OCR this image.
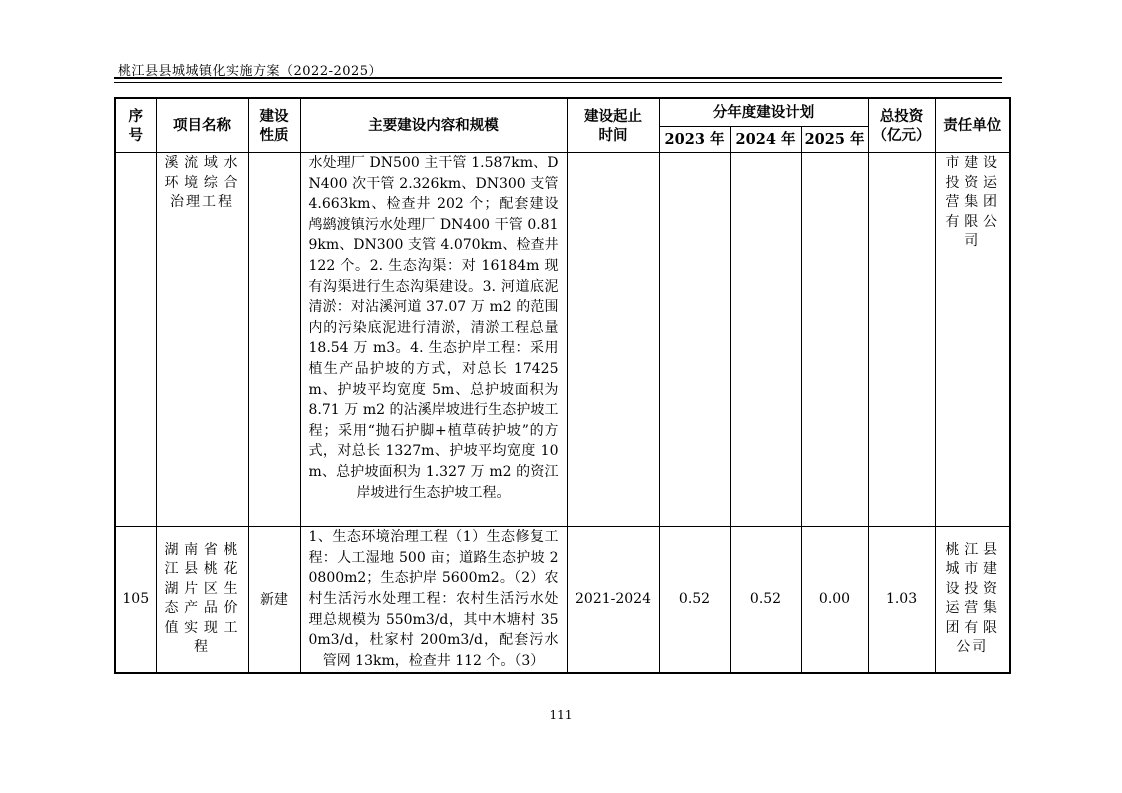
桃江县县城城镇化实施方案（2022-2025）
序号	项目名称	建设性质	主要建设内容和规模	建设起止时间	分年度建设计划			总投资（亿元）	责任单位
					2023 年	2024 年	2025 年		
	溪流域水环境综合治理工程		水处理厂 DN500 主干管 1.587km、DN400 次干管 2.326km、DN300 支管 4.663km、检查井 202 个；配套建设鸬鹚渡镇污水处理厂 DN400 干管 0.819km、DN300 支管 4.070km、检查井 122 个。2. 生态沟渠：对 16184m 现有沟渠进行生态沟渠建设。3. 河道底泥清淤：对沾溪河道 37.07 万 m2 的范围内的污染底泥进行清淤，清淤工程总量 18.54 万 m3。4. 生态护岸工程：采用植生产品护坡的方式，对总长 17425m、护坡平均宽度 5m、总护坡面积为 8.71 万 m2 的沾溪岸坡进行生态护坡工程；采用“抛石护脚+植草砖护坡”的方式，对总长 1327m、护坡平均宽度 10m、总护坡面积为 1.327 万 m2 的资江岸坡进行生态护坡工程。						市建设投资运营集团有限公司
105	湖南省桃江县桃花湖片区生态产品价值实现工程	新建	1、生态环境治理工程（1）生态修复工程：人工湿地 500 亩；道路生态护坡 20800m2；生态护岸 5600m2。（2）农村生活污水处理工程：农村生活污水处理总规模为 550m3/d，其中木塘村 350m3/d，杜家村 200m3/d，配套污水管网 13km，检查井 112 个。（3）	2021-2024	0.52	0.52	0.00	1.03	桃江县城市建设投资运营集团有限公司
111
